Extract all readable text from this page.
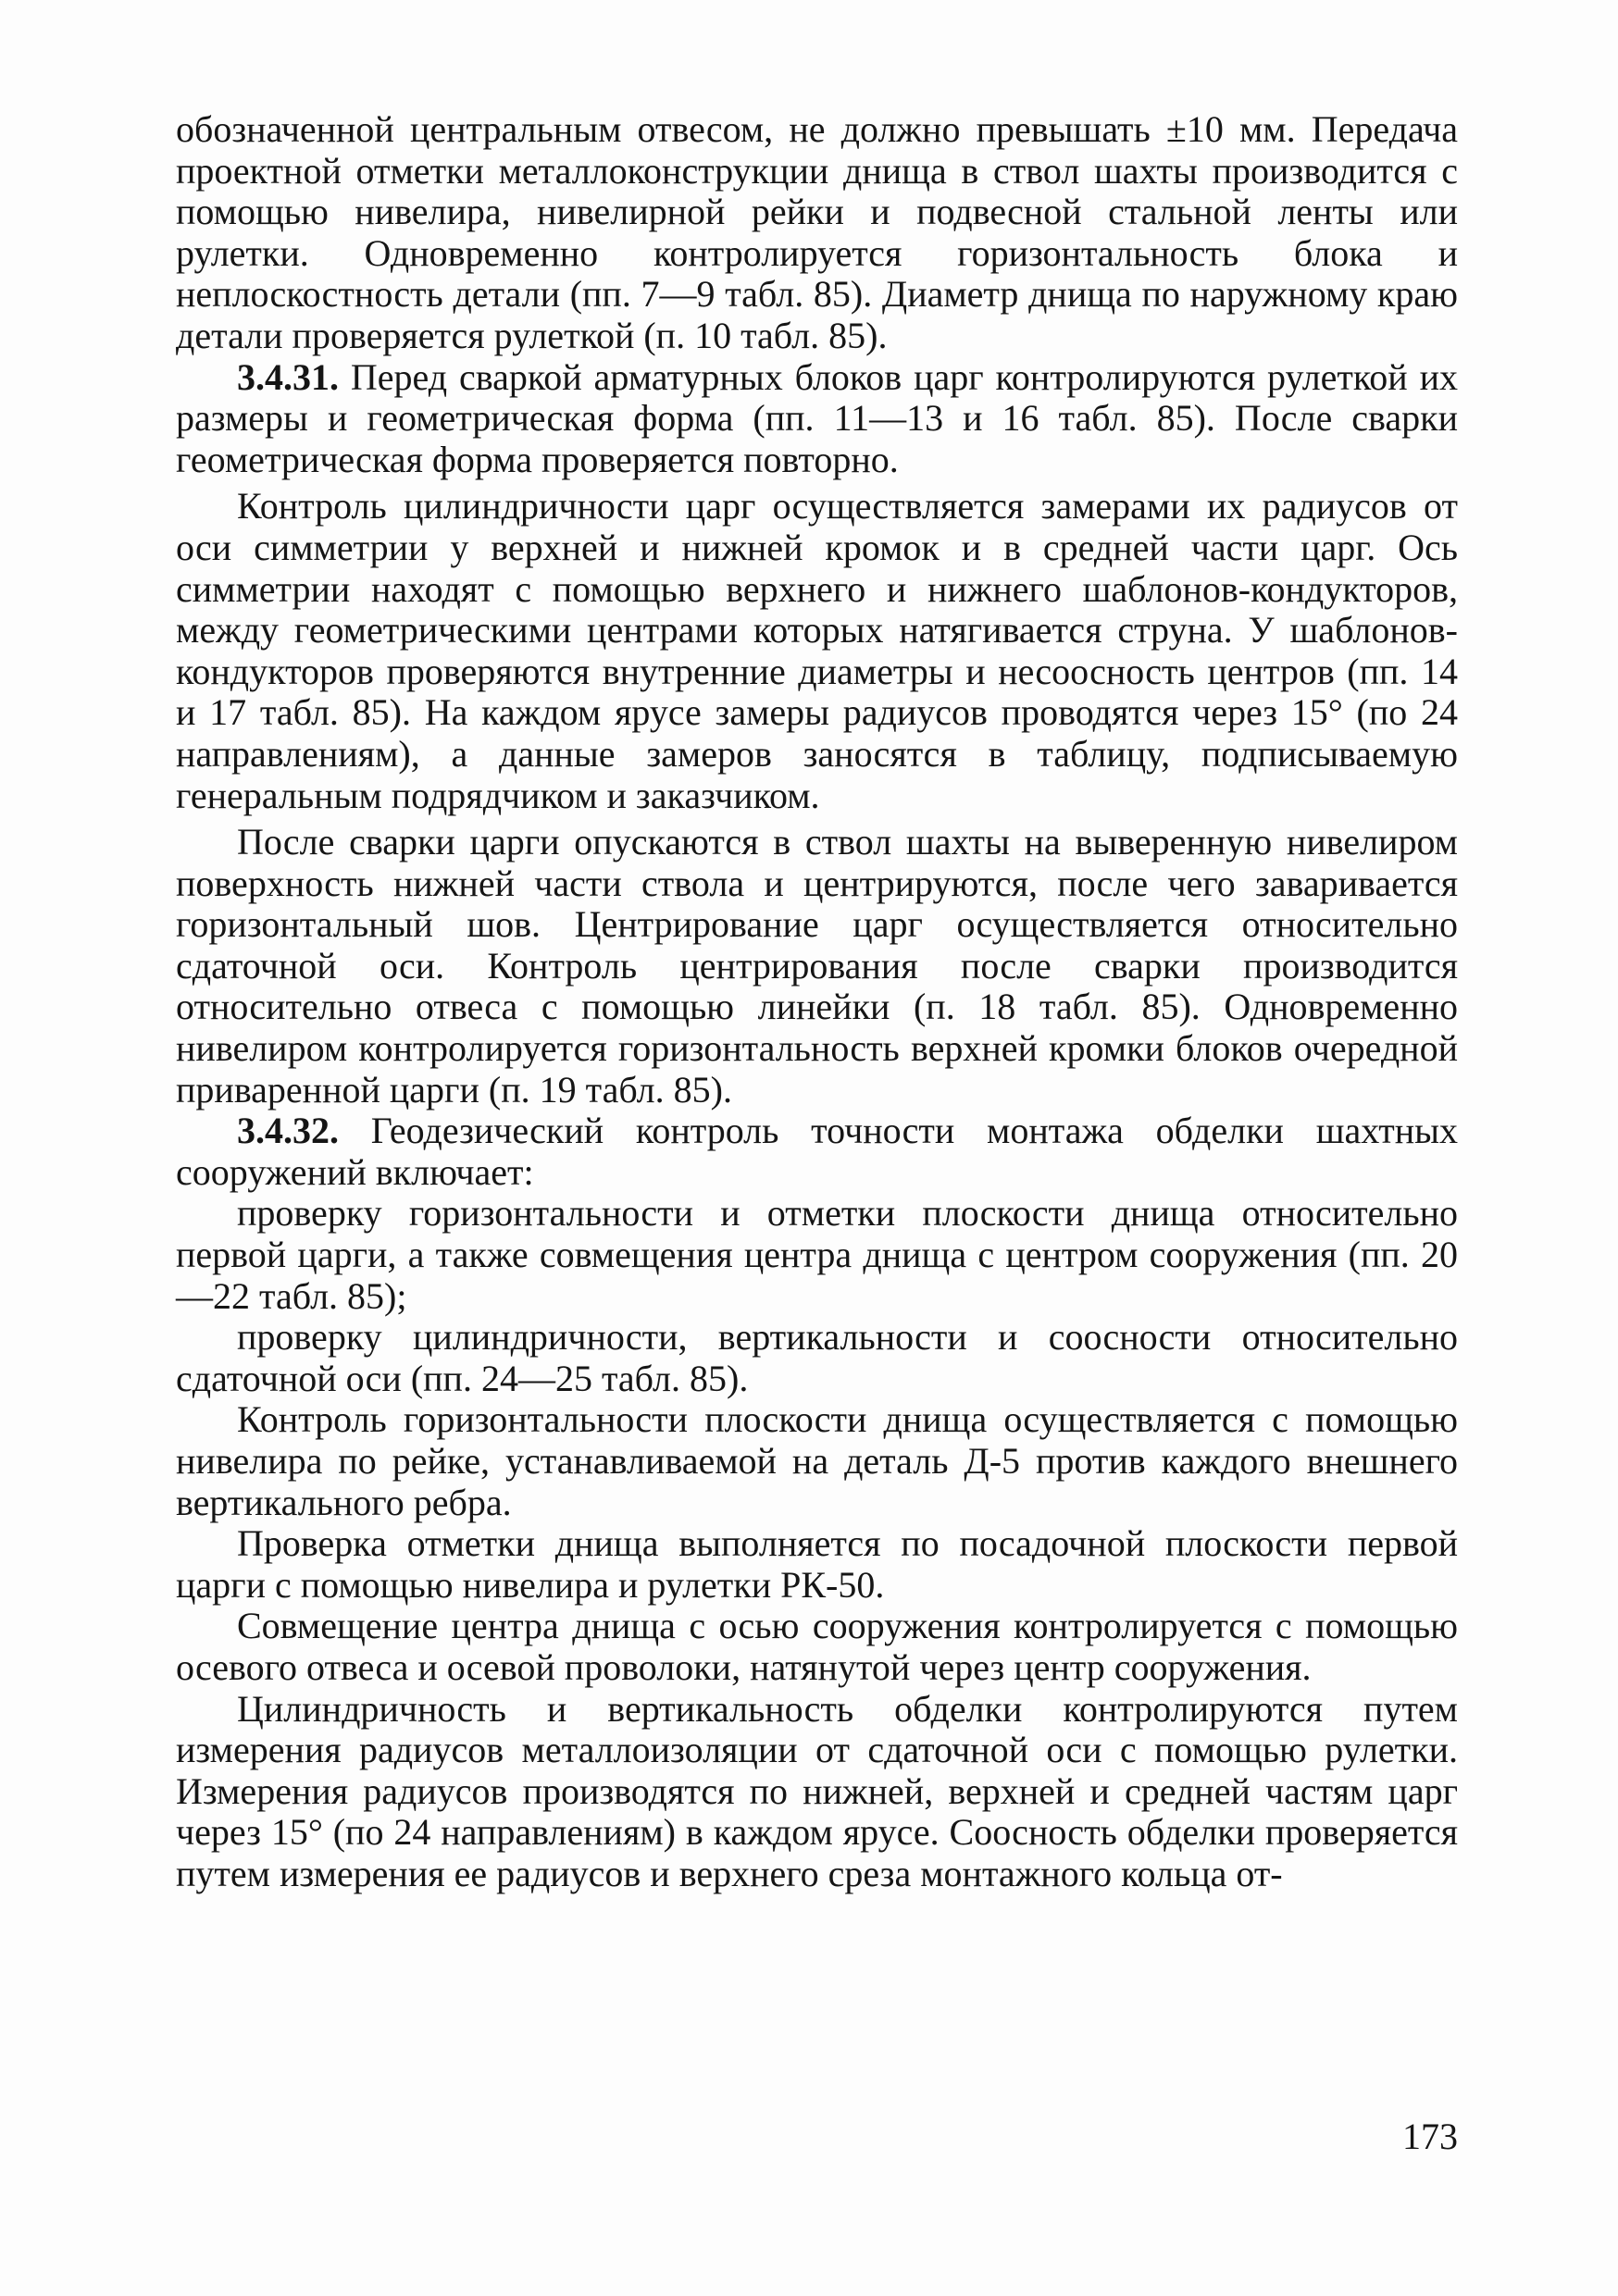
обозначенной центральным отвесом, не должно превышать ±10 мм. Передача проектной отметки металлоконструкции днища в ствол шахты производится с помощью нивелира, нивелирной рейки и подвесной стальной ленты или рулетки. Одновременно контролируется горизонтальность блока и неплоскостность детали (пп. 7—9 табл. 85). Диаметр днища по наружному краю детали проверяется рулеткой (п. 10 табл. 85).

3.4.31. Перед сваркой арматурных блоков царг контролируются рулеткой их размеры и геометрическая форма (пп. 11—13 и 16 табл. 85). После сварки геометрическая форма проверяется повторно.

Контроль цилиндричности царг осуществляется замерами их радиусов от оси симметрии у верхней и нижней кромок и в средней части царг. Ось симметрии находят с помощью верхнего и нижнего шаблонов-кондукторов, между геометрическими центрами которых натягивается струна. У шаблонов-кондукторов проверяются внутренние диаметры и несоосность центров (пп. 14 и 17 табл. 85). На каждом ярусе замеры радиусов проводятся через 15° (по 24 направлениям), а данные замеров заносятся в таблицу, подписываемую генеральным подрядчиком и заказчиком.

После сварки царги опускаются в ствол шахты на выверенную нивелиром поверхность нижней части ствола и центрируются, после чего заваривается горизонтальный шов. Центрирование царг осуществляется относительно сдаточной оси. Контроль центрирования после сварки производится относительно отвеса с помощью линейки (п. 18 табл. 85). Одновременно нивелиром контролируется горизонтальность верхней кромки блоков очередной приваренной царги (п. 19 табл. 85).

3.4.32. Геодезический контроль точности монтажа обделки шахтных сооружений включает:

проверку горизонтальности и отметки плоскости днища относительно первой царги, а также совмещения центра днища с центром сооружения (пп. 20—22 табл. 85);

проверку цилиндричности, вертикальности и соосности относительно сдаточной оси (пп. 24—25 табл. 85).

Контроль горизонтальности плоскости днища осуществляется с помощью нивелира по рейке, устанавливаемой на деталь Д-5 против каждого внешнего вертикального ребра.

Проверка отметки днища выполняется по посадочной плоскости первой царги с помощью нивелира и рулетки РК-50.

Совмещение центра днища с осью сооружения контролируется с помощью осевого отвеса и осевой проволоки, натянутой через центр сооружения.

Цилиндричность и вертикальность обделки контролируются путем измерения радиусов металлоизоляции от сдаточной оси с помощью рулетки. Измерения радиусов производятся по нижней, верхней и средней частям царг через 15° (по 24 направлениям) в каждом ярусе. Соосность обделки проверяется путем измерения ее радиусов и верхнего среза монтажного кольца от-

173
